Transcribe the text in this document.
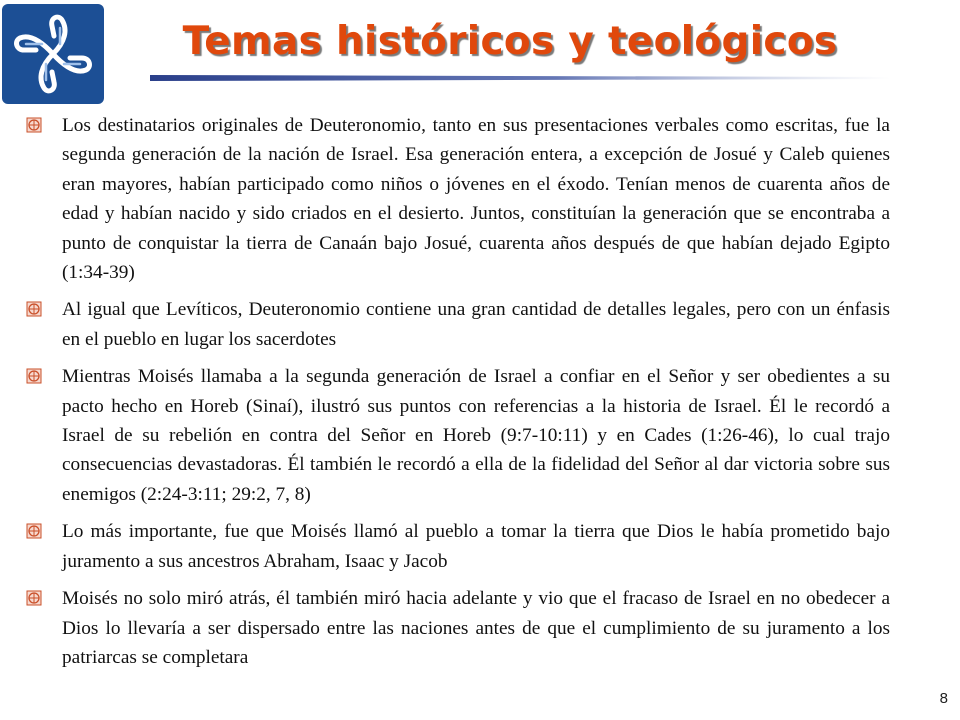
Temas históricos y teológicos
Los destinatarios originales de Deuteronomio, tanto en sus presentaciones verbales como escritas, fue la segunda generación de la nación de Israel. Esa generación entera, a excepción de Josué y Caleb quienes eran mayores, habían participado como niños o jóvenes en el éxodo. Tenían menos de cuarenta años de edad y habían nacido y sido criados en el desierto. Juntos, constituían la generación que se encontraba a punto de conquistar la tierra de Canaán bajo Josué, cuarenta años después de que habían dejado Egipto (1:34-39)
Al igual que Levíticos, Deuteronomio contiene una gran cantidad de detalles legales, pero con un énfasis en el pueblo en lugar los sacerdotes
Mientras Moisés llamaba a la segunda generación de Israel a confiar en el Señor y ser obedientes a su pacto hecho en Horeb (Sinaí), ilustró sus puntos con referencias a la historia de Israel. Él le recordó a Israel de su rebelión en contra del Señor en Horeb (9:7-10:11) y en Cades (1:26-46), lo cual trajo consecuencias devastadoras. Él también le recordó a ella de la fidelidad del Señor al dar victoria sobre sus enemigos (2:24-3:11; 29:2, 7, 8)
Lo más importante, fue que Moisés llamó al pueblo a tomar la tierra que Dios le había prometido bajo juramento a sus ancestros Abraham, Isaac y Jacob
Moisés no solo miró atrás, él también miró hacia adelante y vio que el fracaso de Israel en no obedecer a Dios lo llevaría a ser dispersado entre las naciones antes de que el cumplimiento de su juramento a los patriarcas se completara
8
